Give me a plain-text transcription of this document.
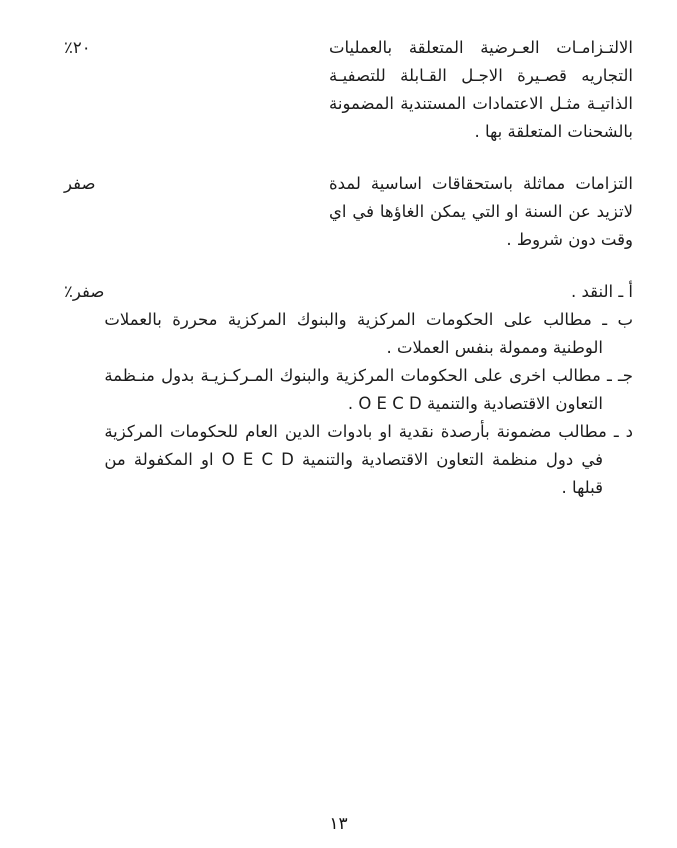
الالتـزامـات العـرضية المتعلقة بالعمليات التجاريه قصـيرة الاجـل القـابلة للتصفيـة الذاتيـة مثـل الاعتمادات المستندية المضمونة بالشحنات المتعلقة بها .

٢٠٪

التزامات مماثلة باستحقاقات اساسية لمدة لاتزيد عن السنة او التي يمكن الغاؤها في اي وقت دون شروط .

صفر

أ ـ النقد .

ب ـ مطالب على الحكومات المركزية والبنوك المركزية محررة بالعملات الوطنية وممولة بنفس العملات .

جـ ـ مطالب اخرى على الحكومات المركزية والبنوك المـركـزيـة بدول منـظمة التعاون الاقتصادية والتنمية O E C D .

د ـ مطالب مضمونة بأرصدة نقدية او بادوات الدين العام للحكومات المركزية في دول منظمة التعاون الاقتصادية والتنمية O E C D او المكفولة من قبلها .

صفر٪
١٣
